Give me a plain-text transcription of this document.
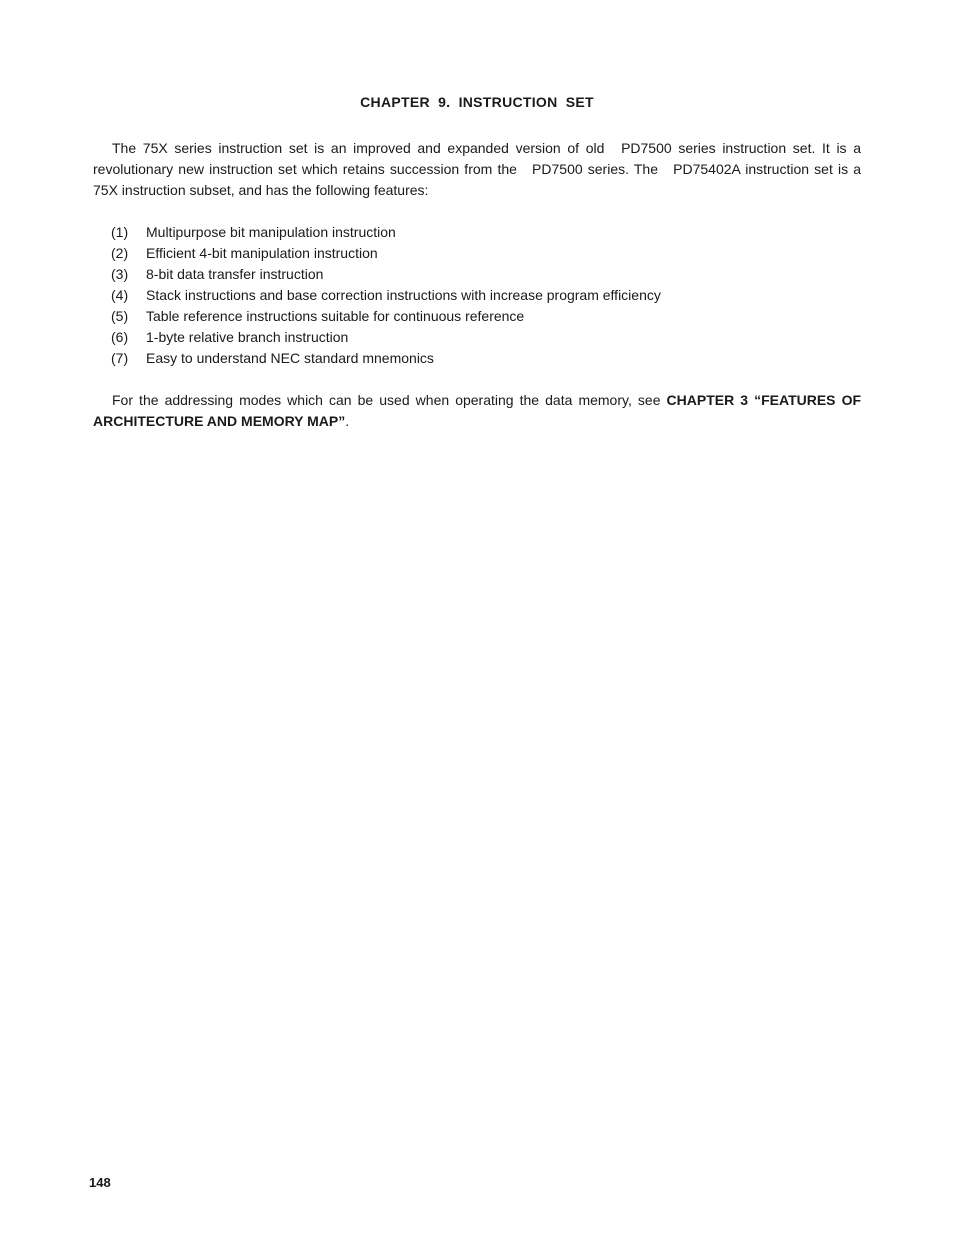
CHAPTER 9. INSTRUCTION SET

The 75X series instruction set is an improved and expanded version of old PD7500 series instruction set. It is a revolutionary new instruction set which retains succession from the PD7500 series. The PD75402A instruction set is a 75X instruction subset, and has the following features:

(1)	Multipurpose bit manipulation instruction
(2)	Efficient 4-bit manipulation instruction
(3)	8-bit data transfer instruction
(4)	Stack instructions and base correction instructions with increase program efficiency
(5)	Table reference instructions suitable for continuous reference
(6)	1-byte relative branch instruction
(7)	Easy to understand NEC standard mnemonics

For the addressing modes which can be used when operating the data memory, see CHAPTER 3 “FEATURES OF ARCHITECTURE AND MEMORY MAP”.

148
